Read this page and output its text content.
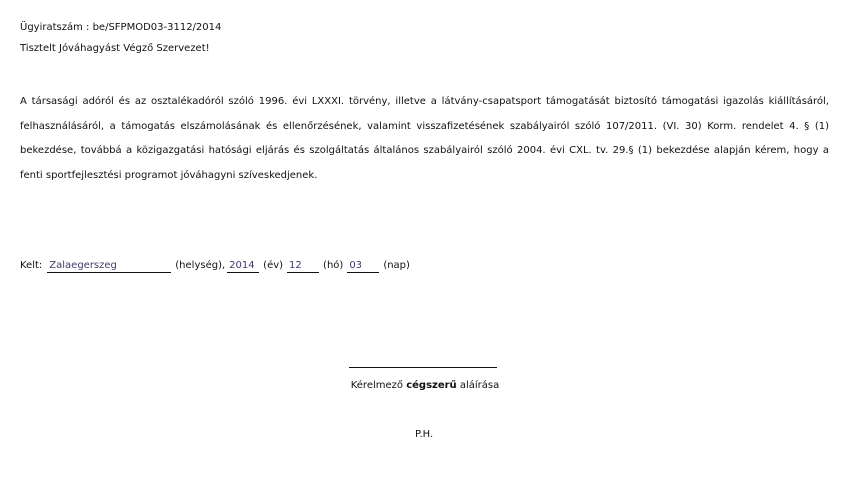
Ügyiratszám : be/SFPMOD03-3112/2014
Tisztelt Jóváhagyást Végző Szervezet!
A társasági adóról és az osztalékadóról szóló 1996. évi LXXXI. törvény, illetve a látvány-csapatsport támogatását biztosító támogatási igazolás kiállításáról, felhasználásáról, a támogatás elszámolásának és ellenőrzésének, valamint visszafizetésének szabályairól szóló 107/2011. (VI. 30) Korm. rendelet 4. § (1) bekezdése, továbbá a közigazgatási hatósági eljárás és szolgáltatás általános szabályairól szóló 2004. évi CXL. tv. 29.§ (1) bekezdése alapján kérem, hogy a fenti sportfejlesztési programot jóváhagyni szíveskedjenek.
Kelt: Zalaegerszeg	(helység), 2014 (év) 12	(hó) 03	(nap)
Kérelmező cégszerű aláírása
P.H.
